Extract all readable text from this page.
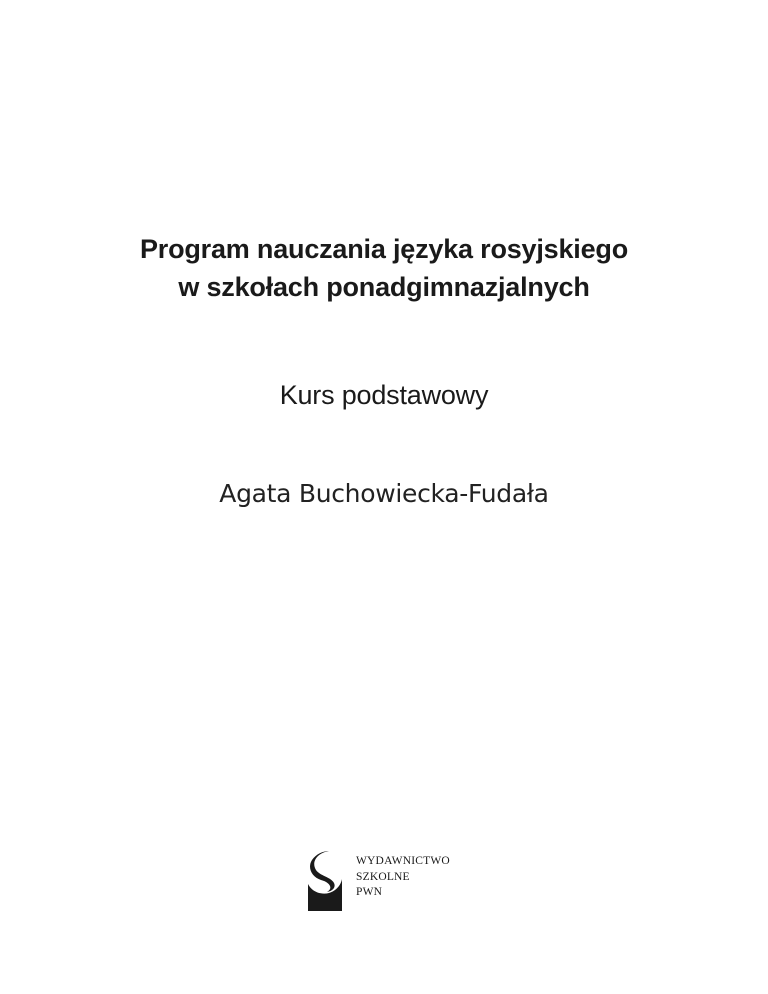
Program nauczania języka rosyjskiego
w szkołach ponadgimnazjalnych
Kurs podstawowy
Agata Buchowiecka-Fudała
WYDAWNICTWO
SZKOLNE
PWN
